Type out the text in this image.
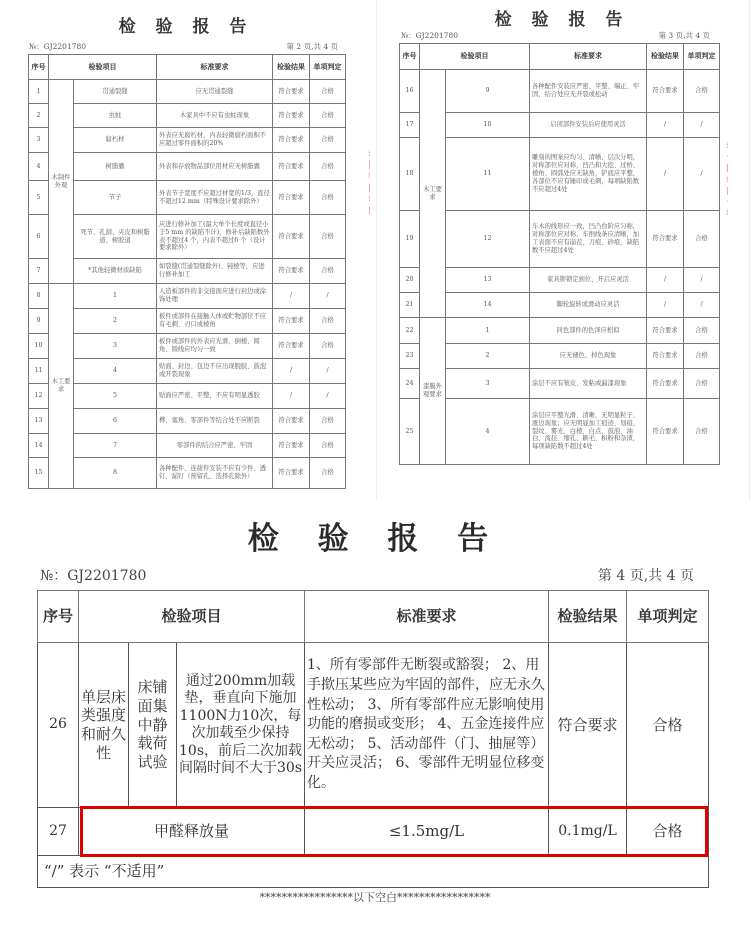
检 验 报 告
№：GJ2201780	第 2 页,共 4 页
序号	检验项目		标准要求	检验结果	单项判定
1	木制件外观	贯通裂缝	应无贯通裂缝	符合要求	合格
2		虫蛀	木家具中不应有虫蛀现象	符合要求	合格
3		腐朽材	外表应无腐朽材，内表轻微腐朽面积不应超过零件面积的20%	符合要求	合格
4		树脂囊	外表和存放物品部位用材应无树脂囊	符合要求	合格
5		节子	外表节子宽度不应超过材宽的1/3，直径不超过12 mm（特殊设计要求除外）	符合要求	合格
6		死节、孔洞、夹皮和树脂道、树胶道	应进行修补加工(最大单个长度或直径小于5 mm 的缺陷不计)，修补后缺陷数外表不超过4 个，内表不超过6 个（设计要求除外）	符合要求	合格
7		*其他轻微材质缺陷	如裂缝(贯通裂缝除外)、钝棱等，应进行修补加工	符合要求	合格
8	木工要求	1	人造板部件的非交接面应进行封边或涂饰处理	/	/
9		2	板件或部件在接触人体或贮物部位不应有毛刺、刃口或棱角	符合要求	合格
10		3	板件或部件的外表应光滑，倒棱、圆角、圆线应均匀一致	符合要求	合格
11		4	贴面、封边、包边不应出现脱胶、鼓泡或开裂现象	/	/
12		5	贴面应严密、平整，不应有明显透胶	/	/
13		6	榫、塞角、零部件等结合处不应断裂	符合要求	合格
14		7	零部件的结合应严密、牢固	符合要求	合格
15		8	各种配件、连接件安装不应有少件、透钉、漏钉（预留孔、选择孔除外）	符合要求	合格
⁞
|
⁞
|
⁞
|
检 验 报 告
№：GJ2201780	第 3 页,共 4 页
序号	检验项目		标准要求	检验结果	单项判定
16	木工要求	9	各种配件安装应严密、平整、端正、牢固，结合处应无开裂或松动	符合要求	合格
17		10	启闭部件安装后应使用灵活	/	/
18		11	雕刻的图案应均匀、清晰、层次分明，对称部位应对称，凹凸和大挖、过桥、棱角、圆弧处应无缺角，铲底应平整，各部位不应有锤印或毛刺，每项缺陷数不应超过4处	/	/
19		12	车木的线形应一致，凹凸台阶应匀称，对称部位应对称，车削线条应清晰，加工表面不应有崩茬、刀痕、砂痕，缺陷数不应超过4处	符合要求	合格
20		13	家具锁锁定到位、开启应灵活	/	/
21		14	脚轮旋转或滑动应灵活	/	/
22	漆膜外观要求	1	同色部件的色泽应相似	符合要求	合格
23		2	应无褪色、掉色现象	符合要求	合格
24		3	涂层不应有皱皮、发粘或漏漆现象	符合要求	合格
25		4	涂层应平整光滑、清晰，无明显粒子、涨边现象；应无明显加工痕迹、划痕、裂纹、雾光、白棱、白点、鼓泡、油白、流挂、缩孔、刷毛、积粉和杂渣，每项缺陷数不超过4处	符合要求	合格
⁞
·
|
⁞
|
·
⁞
检 验 报 告
№：GJ2201780	第 4 页,共 4 页
序号	检验项目			标准要求	检验结果	单项判定
26	单层床类强度和耐久性	床铺面集中静载荷试验	通过200mm加载垫，垂直向下施加1100N力10次，每次加载至少保持10s，前后二次加载间隔时间不大于30s	1、所有零部件无断裂或豁裂； 2、用手揿压某些应为牢固的部件，应无永久性松动； 3、所有零部件应无影响使用功能的磨损或变形； 4、五金连接件应无松动； 5、活动部件（门、抽屉等）开关应灵活； 6、零部件无明显位移变化。	符合要求	合格
27	甲醛释放量			≤1.5mg/L	0.1mg/L	合格
“/” 表示 “不适用”						
*****************以下空白*****************
